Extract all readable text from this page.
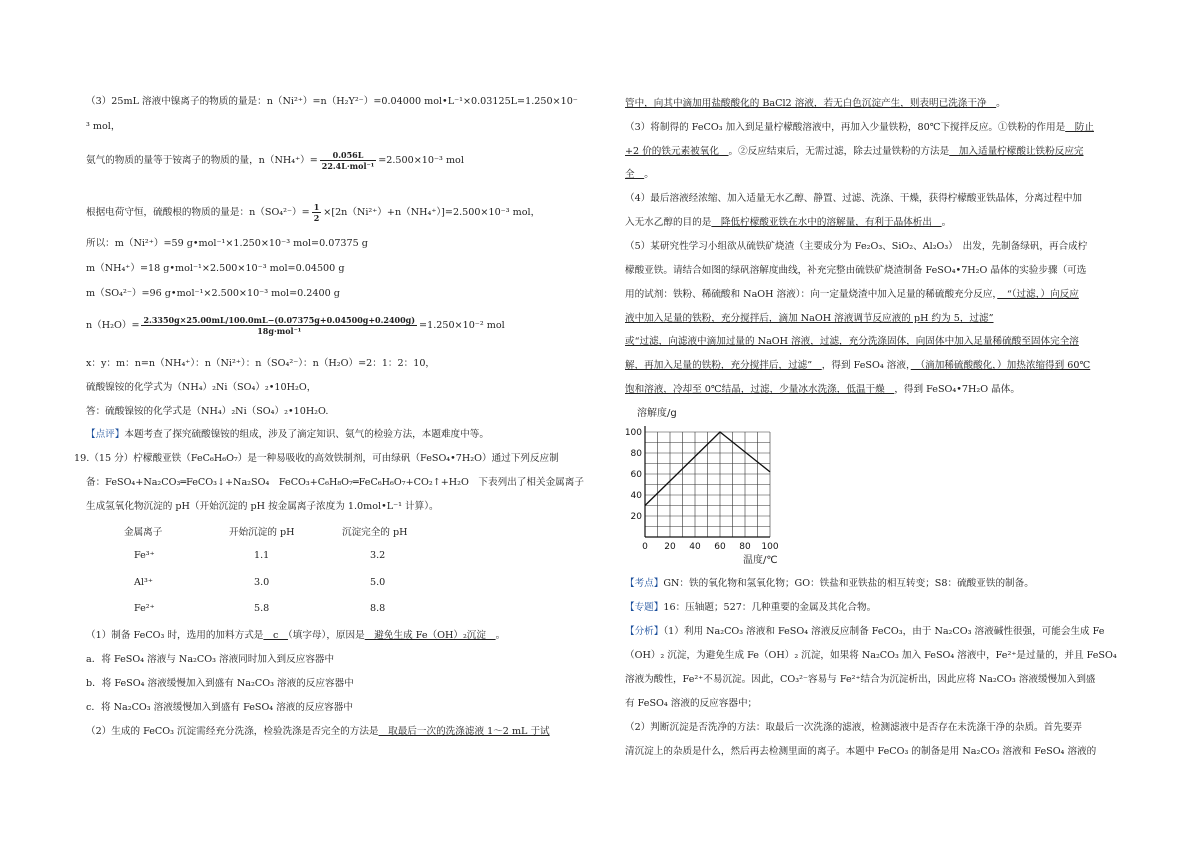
（3）25mL 溶液中镍离子的物质的量是：n（Ni²⁺）=n（H₂Y²⁻）=0.04000 mol•L⁻¹×0.03125L=1.250×10⁻
³ mol，
氨气的物质的量等于铵离子的物质的量，$n(NH_4^+)= \frac{0.056L}{\text{22.4L·mol⁻¹}} =2.500\times 10^{-3}$ mol
根据电荷守恒，硫酸根的物质的量是：$n(SO_4^{2-})= \frac{1}{2} \times[2n(Ni^{2+})+n(NH_4^+)]=2.500\times 10^{-3}$ mol，
所以：m（Ni²⁺）=59 g•mol⁻¹×1.250×10⁻³ mol=0.07375 g
m（NH₄⁺）=18 g•mol⁻¹×2.500×10⁻³ mol=0.04500 g
m（SO₄²⁻）=96 g•mol⁻¹×2.500×10⁻³ mol=0.2400 g
$n(H_2O)= \frac{2.3350g\times 25.00mL/100.0mL-(0.07375g+0.04500g+0.2400g)}{\text{18g·mol⁻¹}} =1.250\times 10^{-2}$ mol
x：y：m：n=n（NH₄⁺）：n（Ni²⁺）：n（SO₄²⁻）：n（H₂O）=2：1：2：10，
硫酸镍铵的化学式为（NH₄）₂Ni（SO₄）₂•10H₂O，
答：硫酸镍铵的化学式是（NH₄）₂Ni（SO₄）₂•10H₂O.
【点评】本题考查了探究硫酸镍铵的组成，涉及了滴定知识、氨气的检验方法，本题难度中等。
19.（15 分）柠檬酸亚铁（FeC₆H₆O₇）是一种易吸收的高效铁制剂，可由绿矾（FeSO₄•7H₂O）通过下列反应制
备：FeSO₄+Na₂CO₃═FeCO₃↓+Na₂SO₄　FeCO₃+C₆H₈O₇═FeC₆H₆O₇+CO₂↑+H₂O　下表列出了相关金属离子
生成氢氧化物沉淀的 pH（开始沉淀的 pH 按金属离子浓度为 1.0mol•L⁻¹ 计算）。
金属离子	开始沉淀的 pH	沉淀完全的 pH
Fe³⁺	1.1	3.2
Al³⁺	3.0	5.0
Fe²⁺	5.8	8.8
（1）制备 FeCO₃ 时，选用的加料方式是　c　（填字母），原因是　避免生成 Fe（OH）₂沉淀　。
a．将 FeSO₄ 溶液与 Na₂CO₃ 溶液同时加入到反应容器中
b．将 FeSO₄ 溶液缓慢加入到盛有 Na₂CO₃ 溶液的反应容器中
c．将 Na₂CO₃ 溶液缓慢加入到盛有 FeSO₄ 溶液的反应容器中
（2）生成的 FeCO₃ 沉淀需经充分洗涤，检验洗涤是否完全的方法是　取最后一次的洗涤滤液 1～2 mL 于试
管中，向其中滴加用盐酸酸化的 BaCl2 溶液，若无白色沉淀产生，则表明已洗涤干净　。
（3）将制得的 FeCO₃ 加入到足量柠檬酸溶液中，再加入少量铁粉，80℃下搅拌反应。①铁粉的作用是　防止
+2 价的铁元素被氧化　。②反应结束后，无需过滤，除去过量铁粉的方法是　加入适量柠檬酸让铁粉反应完
全　。
（4）最后溶液经浓缩、加入适量无水乙醇、静置、过滤、洗涤、干燥，获得柠檬酸亚铁晶体，分离过程中加
入无水乙醇的目的是　降低柠檬酸亚铁在水中的溶解量，有利于晶体析出　。
（5）某研究性学习小组欲从硫铁矿烧渣（主要成分为 Fe₂O₃、SiO₂、Al₂O₃）　出发，先制备绿矾，再合成柠
檬酸亚铁。请结合如图的绿矾溶解度曲线，补充完整由硫铁矿烧渣制备 FeSO₄•7H₂O 晶体的实验步骤（可选
用的试剂：铁粉、稀硫酸和 NaOH 溶液）：向一定量烧渣中加入足量的稀硫酸充分反应，　“（过滤，）向反应
液中加入足量的铁粉，充分搅拌后，滴加 NaOH 溶液调节反应液的 pH 约为 5，过滤”
或“过滤，向滤液中滴加过量的 NaOH 溶液，过滤，充分洗涤固体，向固体中加入足量稀硫酸至固体完全溶
解，再加入足量的铁粉，充分搅拌后，过滤”　，得到 FeSO₄ 溶液，　（滴加稀硫酸酸化，）加热浓缩得到 60℃
饱和溶液，冷却至 0℃结晶，过滤，少量冰水洗涤，低温干燥　，得到 FeSO₄•7H₂O 晶体。
溶解度/g
温度/℃
0 20 40 60 80 100
20
40
60
80
100
【考点】GN：铁的氧化物和氢氧化物；GO：铁盐和亚铁盐的相互转变；S8：硫酸亚铁的制备。
【专题】16：压轴题；527：几种重要的金属及其化合物。
【分析】（1）利用 Na₂CO₃ 溶液和 FeSO₄ 溶液反应制备 FeCO₃，由于 Na₂CO₃ 溶液碱性很强，可能会生成 Fe
（OH）₂ 沉淀，为避免生成 Fe（OH）₂ 沉淀，如果将 Na₂CO₃ 加入 FeSO₄ 溶液中，Fe²⁺是过量的，并且 FeSO₄
溶液为酸性，Fe²⁺不易沉淀。因此，CO₃²⁻容易与 Fe²⁺结合为沉淀析出，因此应将 Na₂CO₃ 溶液缓慢加入到盛
有 FeSO₄ 溶液的反应容器中；
（2）判断沉淀是否洗净的方法：取最后一次洗涤的滤液，检测滤液中是否存在未洗涤干净的杂质。首先要弄
清沉淀上的杂质是什么，然后再去检测里面的离子。本题中 FeCO₃ 的制备是用 Na₂CO₃ 溶液和 FeSO₄ 溶液的
